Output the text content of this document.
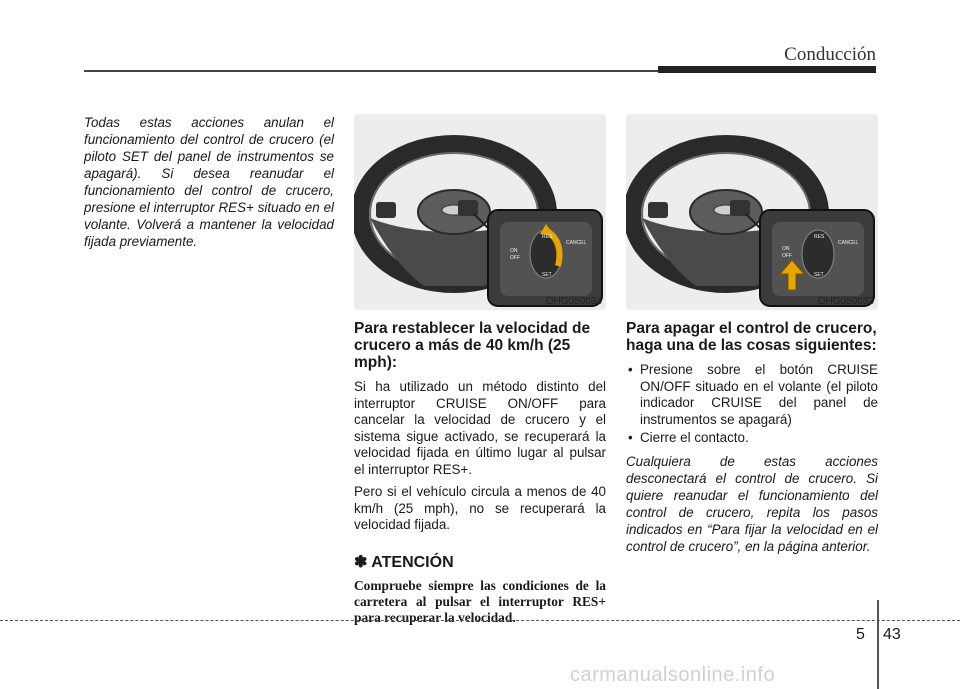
Conducción

Todas estas acciones anulan el funcionamiento del control de crucero (el piloto SET del panel de instrumentos se apagará). Si desea reanudar el funcionamiento del control de crucero, presione el interruptor RES+ situado en el volante. Volverá a mantener la velocidad fijada previamente.

ON
OFF
RES
SET
CANCEL
OHG050034
Para restablecer la velocidad de crucero a más de 40 km/h (25 mph):

Si ha utilizado un método distinto del interruptor CRUISE ON/OFF para cancelar la velocidad de crucero y el sistema sigue activado, se recuperará la velocidad fijada en último lugar al pulsar el interruptor RES+.

Pero si el vehículo circula a menos de 40 km/h (25 mph), no se recuperará la velocidad fijada.

✽ ATENCIÓN

Compruebe siempre las condiciones de la carretera al pulsar el interruptor RES+ para recuperar la velocidad.

ON
OFF
RES
SET
CANCEL
OHG050033
Para apagar el control de crucero, haga una de las cosas siguientes:
• Presione sobre el botón CRUISE ON/OFF situado en el volante (el piloto indicador CRUISE del panel de instrumentos se apagará)
• Cierre el contacto.

Cualquiera de estas acciones desconectará el control de crucero. Si quiere reanudar el funcionamiento del control de crucero, repita los pasos indicados en “Para fijar la velocidad en el control de crucero”, en la página anterior.

5 43
carmanualsonline.info
